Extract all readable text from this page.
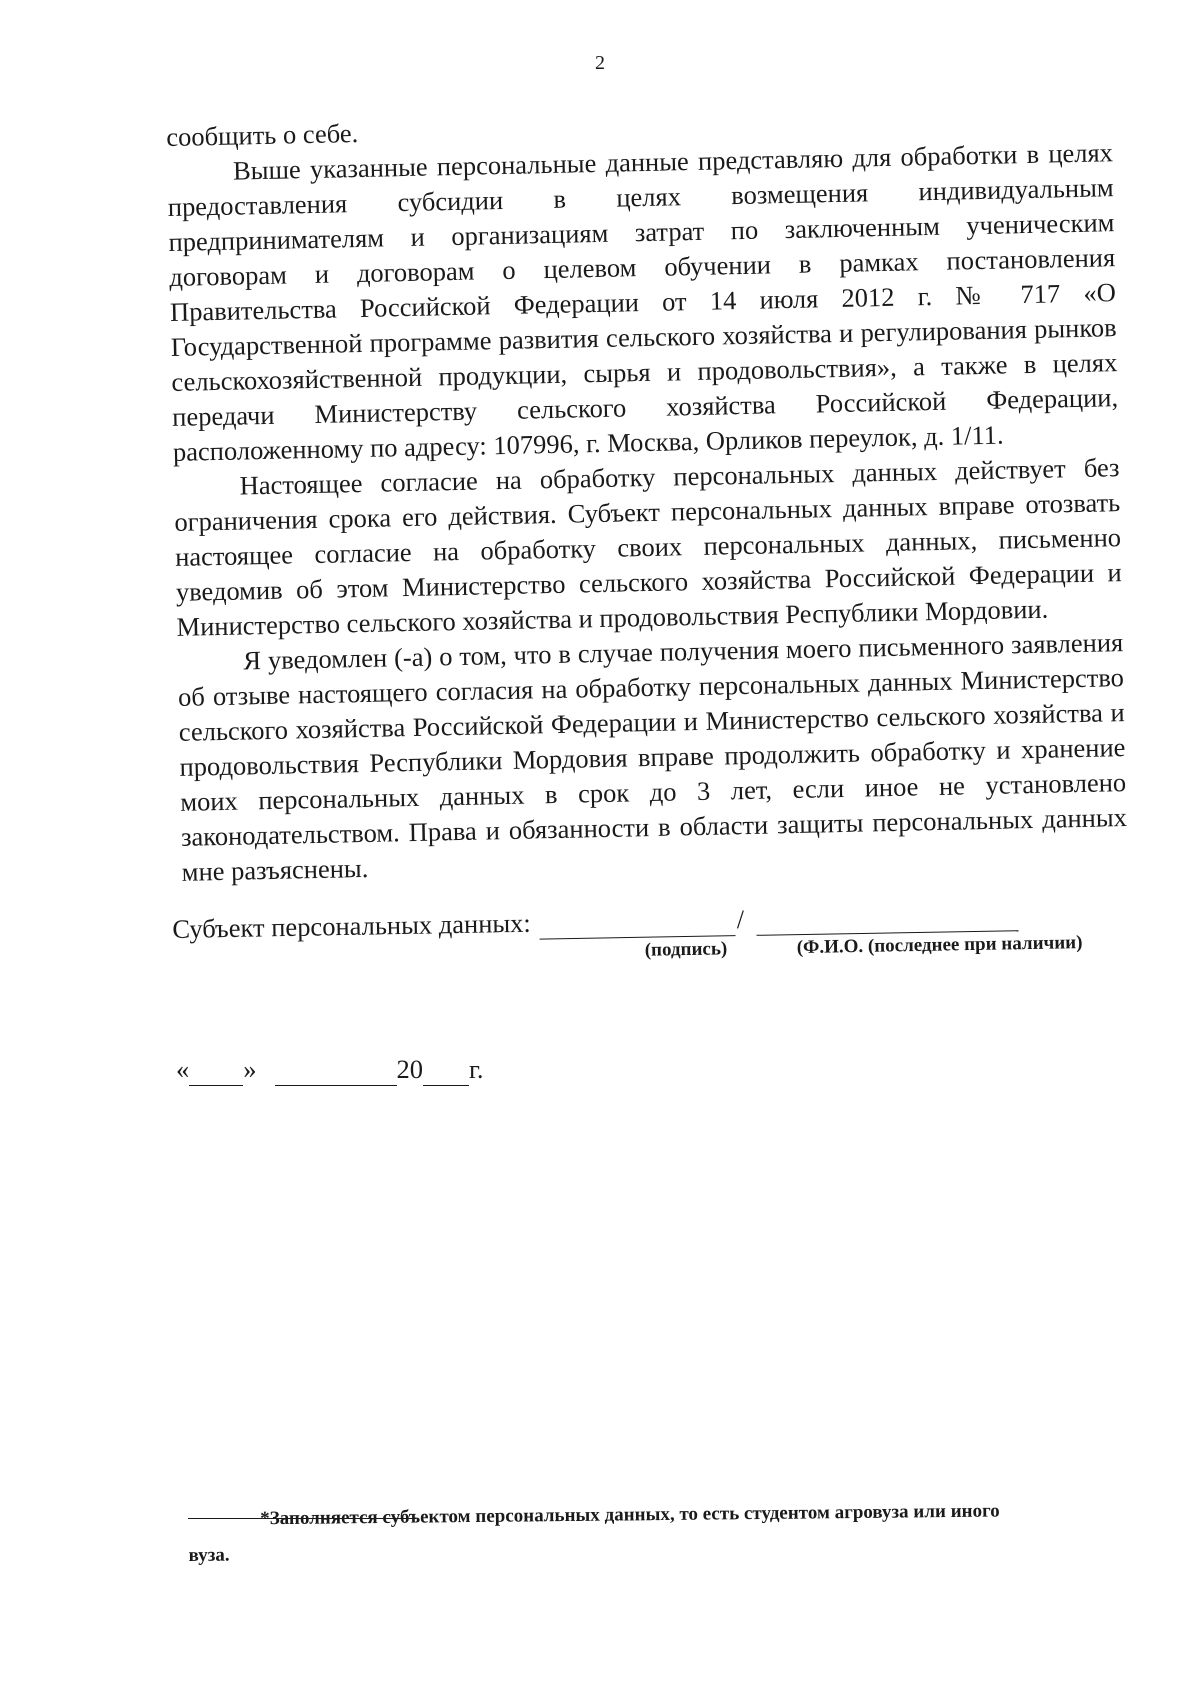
2

сообщить о себе.

Выше указанные персональные данные представляю для обработки в целях предоставления субсидии в целях возмещения индивидуальным предпринимателям и организациям затрат по заключенным ученическим договорам и договорам о целевом обучении в рамках постановления Правительства Российской Федерации от 14 июля 2012 г. № 717 «О Государственной программе развития сельского хозяйства и регулирования рынков сельскохозяйственной продукции, сырья и продовольствия», а также в целях передачи Министерству сельского хозяйства Российской Федерации, расположенному по адресу: 107996, г. Москва, Орликов переулок, д. 1/11.

Настоящее согласие на обработку персональных данных действует без ограничения срока его действия. Субъект персональных данных вправе отозвать настоящее согласие на обработку своих персональных данных, письменно уведомив об этом Министерство сельского хозяйства Российской Федерации и Министерство сельского хозяйства и продовольствия Республики Мордовии.

Я уведомлен (-а) о том, что в случае получения моего письменного заявления об отзыве настоящего согласия на обработку персональных данных Министерство сельского хозяйства Российской Федерации и Министерство сельского хозяйства и продовольствия Республики Мордовия вправе продолжить обработку и хранение моих персональных данных в срок до 3 лет, если иное не установлено законодательством. Права и обязанности в области защиты персональных данных мне разъяснены.

Субъект персональных данных:	/
(подпись)	(Ф.И.О. (последнее при наличии)
« »	20 г.
*Заполняется субъектом персональных данных, то есть студентом агровуза или иного
вуза.
